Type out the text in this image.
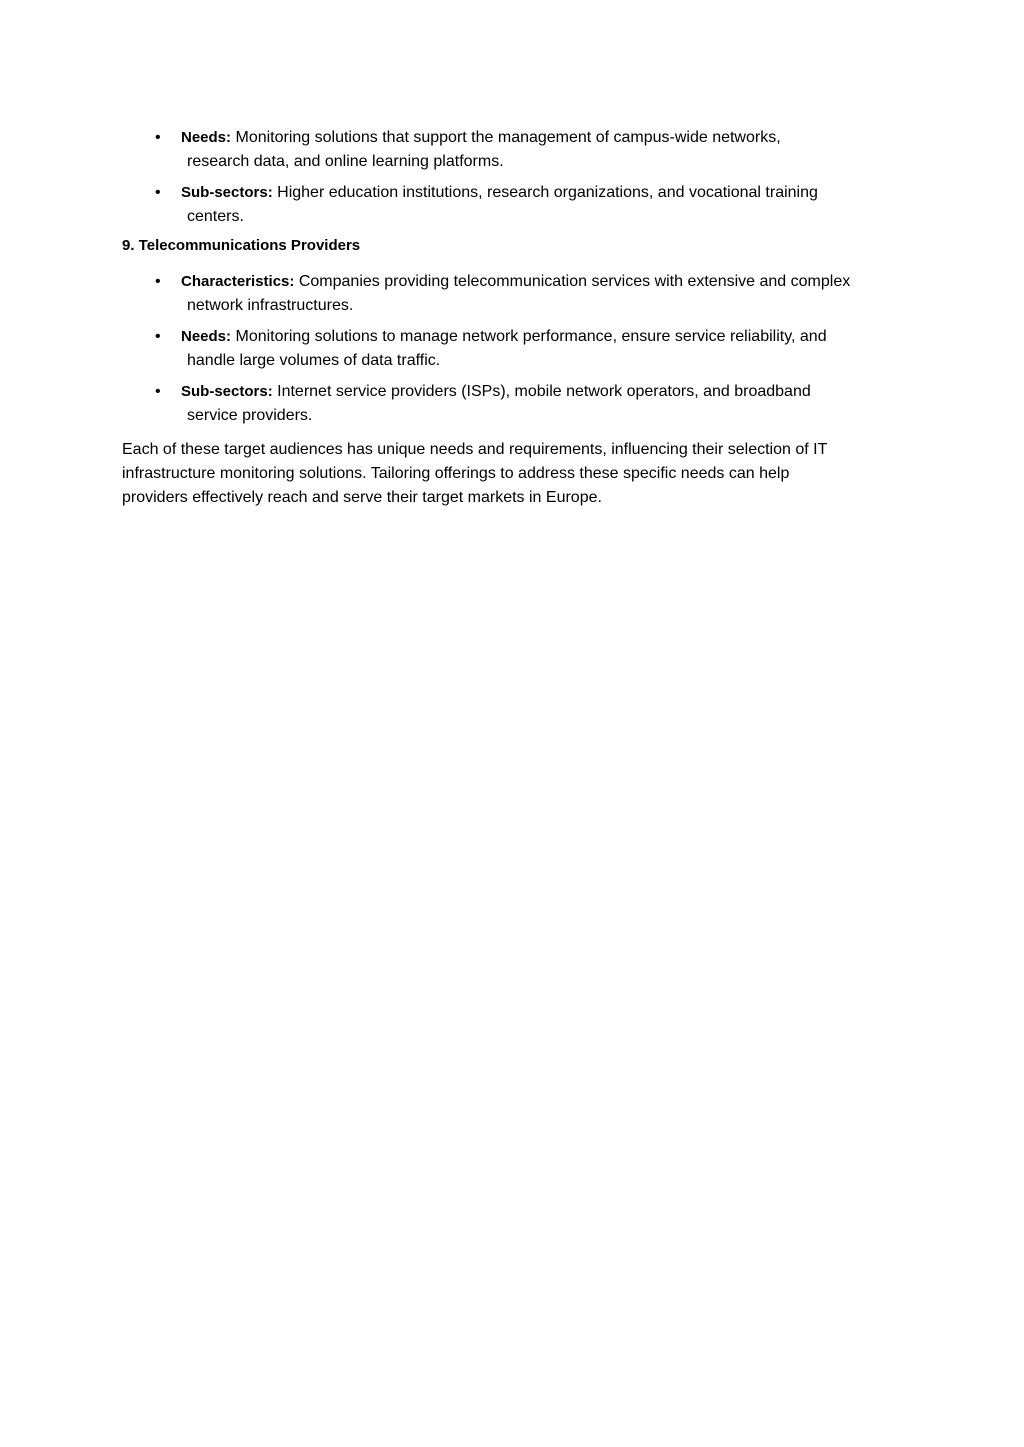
• Needs: Monitoring solutions that support the management of campus-wide networks,
research data, and online learning platforms.
• Sub-sectors: Higher education institutions, research organizations, and vocational training
centers.
9. Telecommunications Providers
• Characteristics: Companies providing telecommunication services with extensive and complex
network infrastructures.
• Needs: Monitoring solutions to manage network performance, ensure service reliability, and
handle large volumes of data traffic.
• Sub-sectors: Internet service providers (ISPs), mobile network operators, and broadband
service providers.

Each of these target audiences has unique needs and requirements, influencing their selection of IT
infrastructure monitoring solutions. Tailoring offerings to address these specific needs can help
providers effectively reach and serve their target markets in Europe.
